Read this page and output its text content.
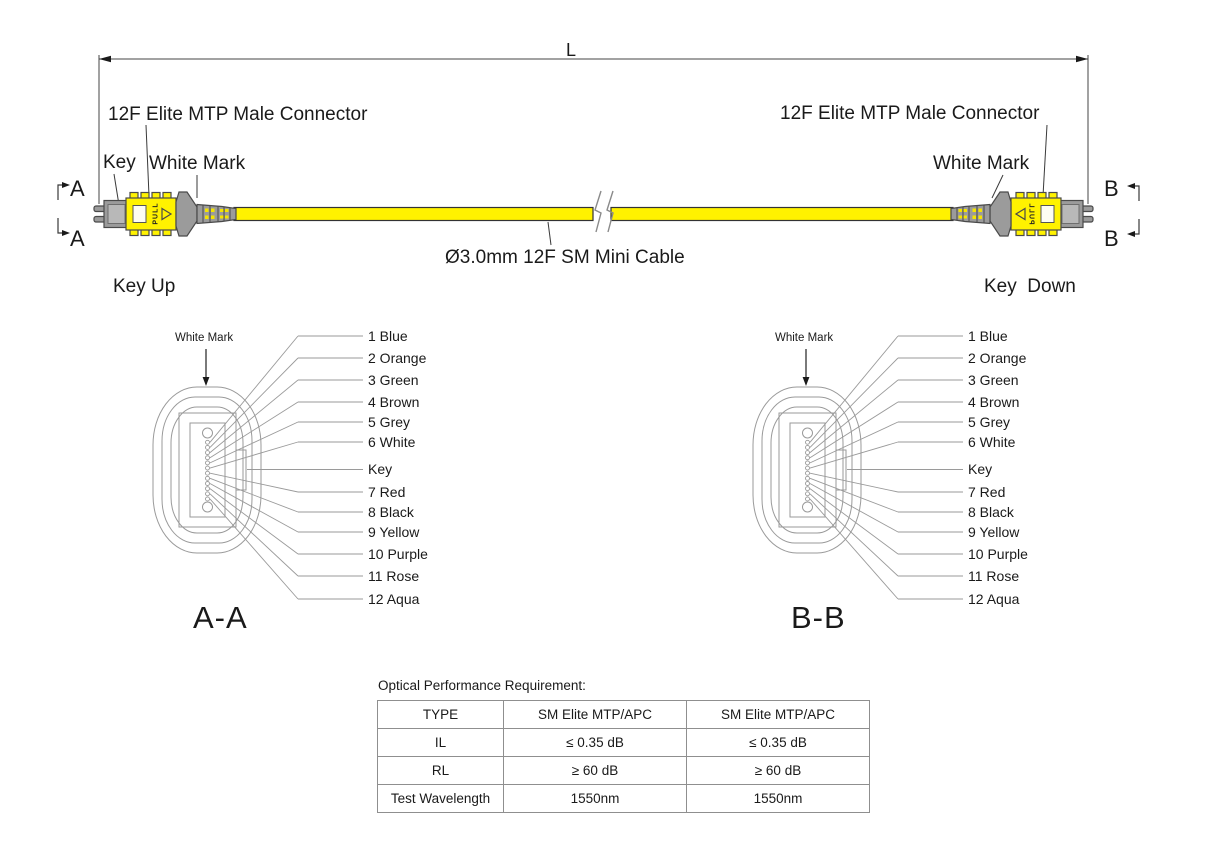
L
12F Elite MTP Male Connector	12F Elite MTP Male Connector
Key White Mark	White Mark
A
A
B
B
Key Up	Key  Down
Ø3.0mm 12F SM Mini Cable
PULL	PULL
White Mark	White Mark
A-A	B-B
1 Blue
2 Orange
3 Green
4 Brown
5 Grey
6 White
Key
7 Red
8 Black
9 Yellow
10 Purple
11 Rose
12 Aqua
1 Blue
2 Orange
3 Green
4 Brown
5 Grey
6 White
Key
7 Red
8 Black
9 Yellow
10 Purple
11 Rose
12 Aqua
Optical Performance Requirement:
TYPE	SM Elite MTP/APC	SM Elite MTP/APC
IL	≤ 0.35 dB	≤ 0.35 dB
RL	≥ 60 dB	≥ 60 dB
Test Wavelength	1550nm	1550nm
